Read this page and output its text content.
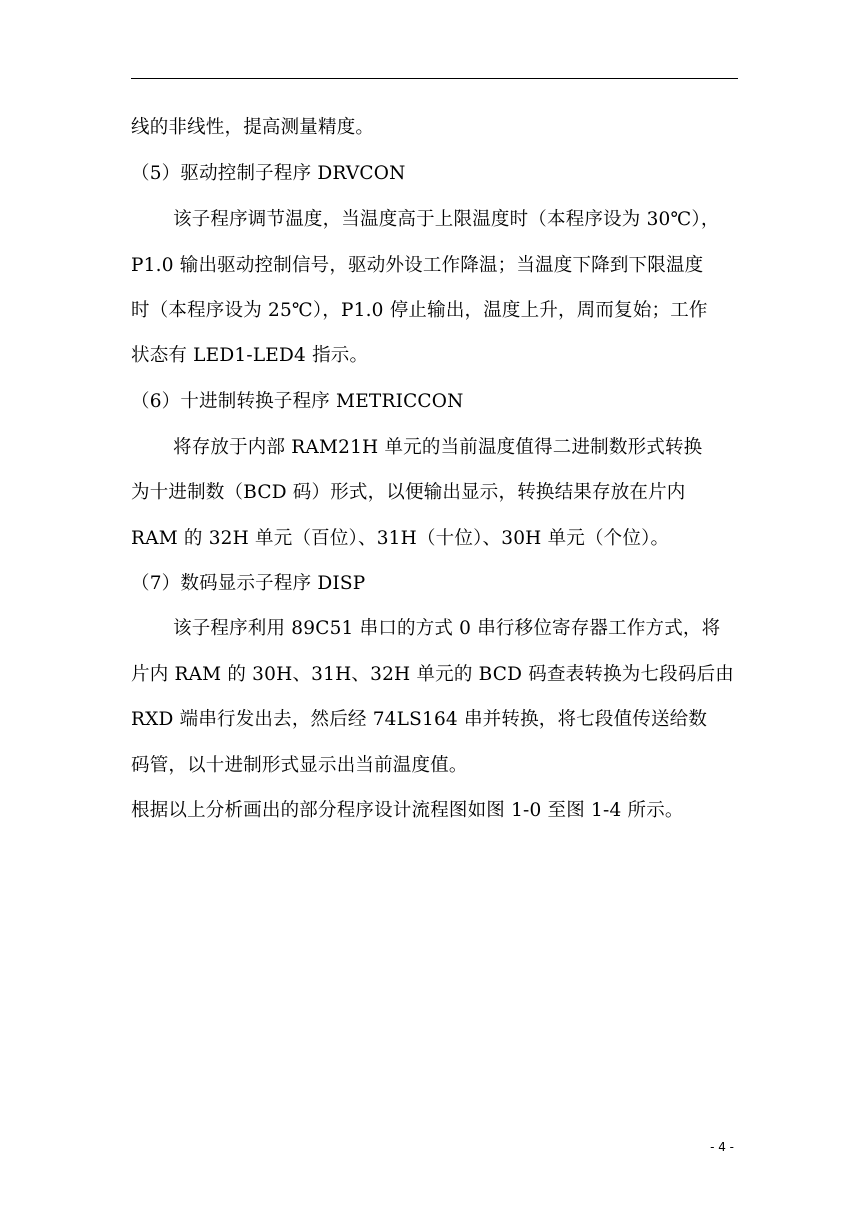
线的非线性，提高测量精度。
（5）驱动控制子程序 DRVCON
该子程序调节温度，当温度高于上限温度时（本程序设为 30℃），
P1.0 输出驱动控制信号，驱动外设工作降温；当温度下降到下限温度
时（本程序设为 25℃），P1.0 停止输出，温度上升，周而复始；工作
状态有 LED1-LED4 指示。
（6）十进制转换子程序 METRICCON
将存放于内部 RAM21H 单元的当前温度值得二进制数形式转换
为十进制数（BCD 码）形式，以便输出显示，转换结果存放在片内
RAM 的 32H 单元（百位）、31H（十位）、30H 单元（个位）。
（7）数码显示子程序 DISP
该子程序利用 89C51 串口的方式 0 串行移位寄存器工作方式，将
片内 RAM 的 30H、31H、32H 单元的 BCD 码查表转换为七段码后由
RXD 端串行发出去，然后经 74LS164 串并转换，将七段值传送给数
码管，以十进制形式显示出当前温度值。
根据以上分析画出的部分程序设计流程图如图 1-0 至图 1-4 所示。
- 4 -
